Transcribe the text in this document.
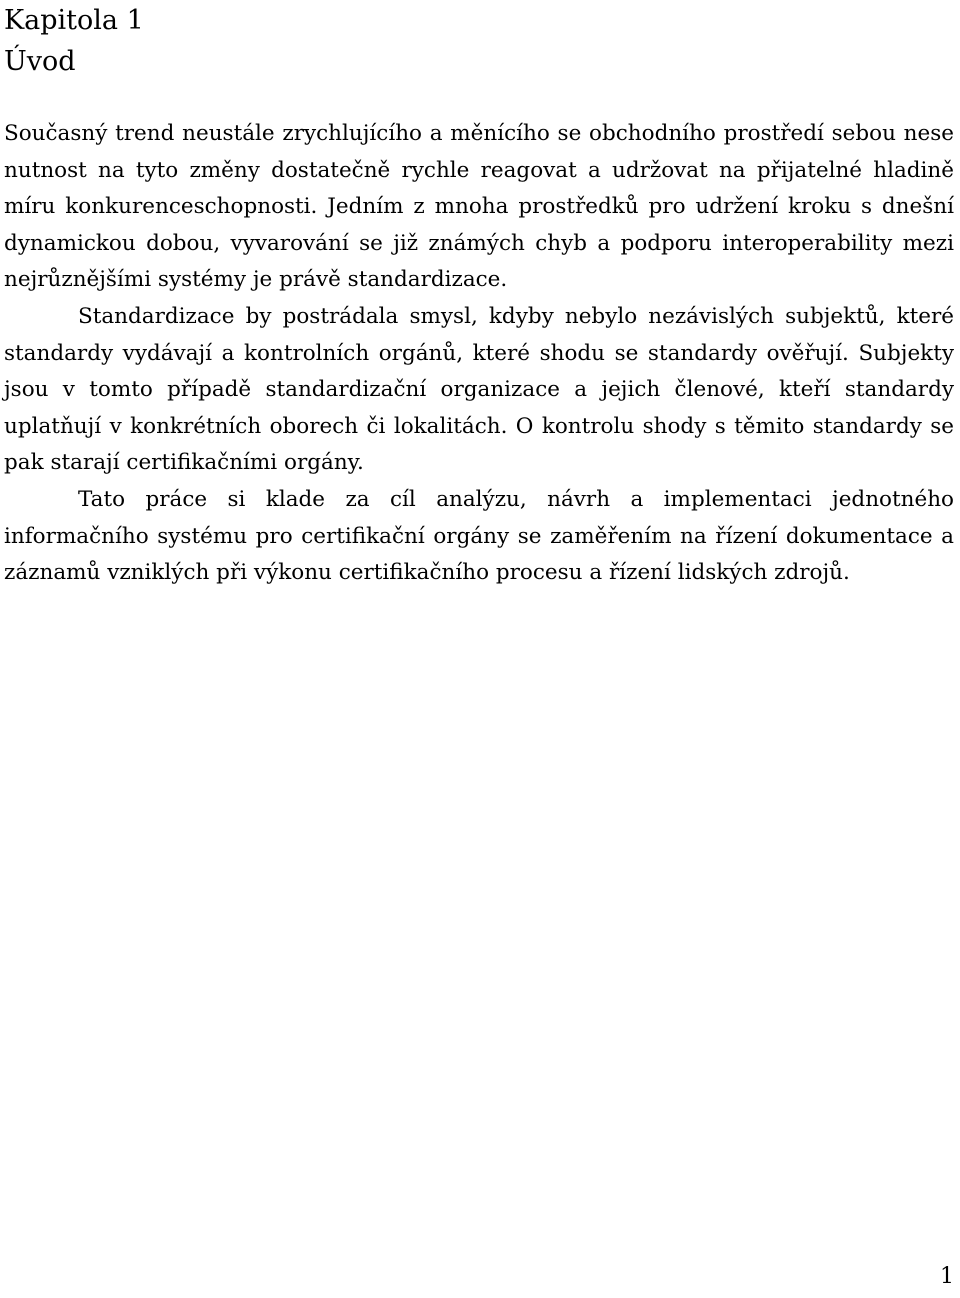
Kapitola 1
Úvod

Současný trend neustále zrychlujícího a měnícího se obchodního prostředí sebou nese nutnost na tyto změny dostatečně rychle reagovat a udržovat na přijatelné hladině míru konkurenceschopnosti. Jedním z mnoha prostředků pro udržení kroku s dnešní dynamickou dobou, vyvarování se již známých chyb a podporu interoperability mezi nejrůznějšími systémy je právě standardizace.

Standardizace by postrádala smysl, kdyby nebylo nezávislých subjektů, které standardy vydávají a kontrolních orgánů, které shodu se standardy ověřují. Subjekty jsou v tomto případě standardizační organizace a jejich členové, kteří standardy uplatňují v konkrétních oborech či lokalitách. O kontrolu shody s těmito standardy se pak starají certifikačními orgány.

Tato práce si klade za cíl analýzu, návrh a implementaci jednotného informačního systému pro certifikační orgány se zaměřením na řízení dokumentace a záznamů vzniklých při výkonu certifikačního procesu a řízení lidských zdrojů.

1
